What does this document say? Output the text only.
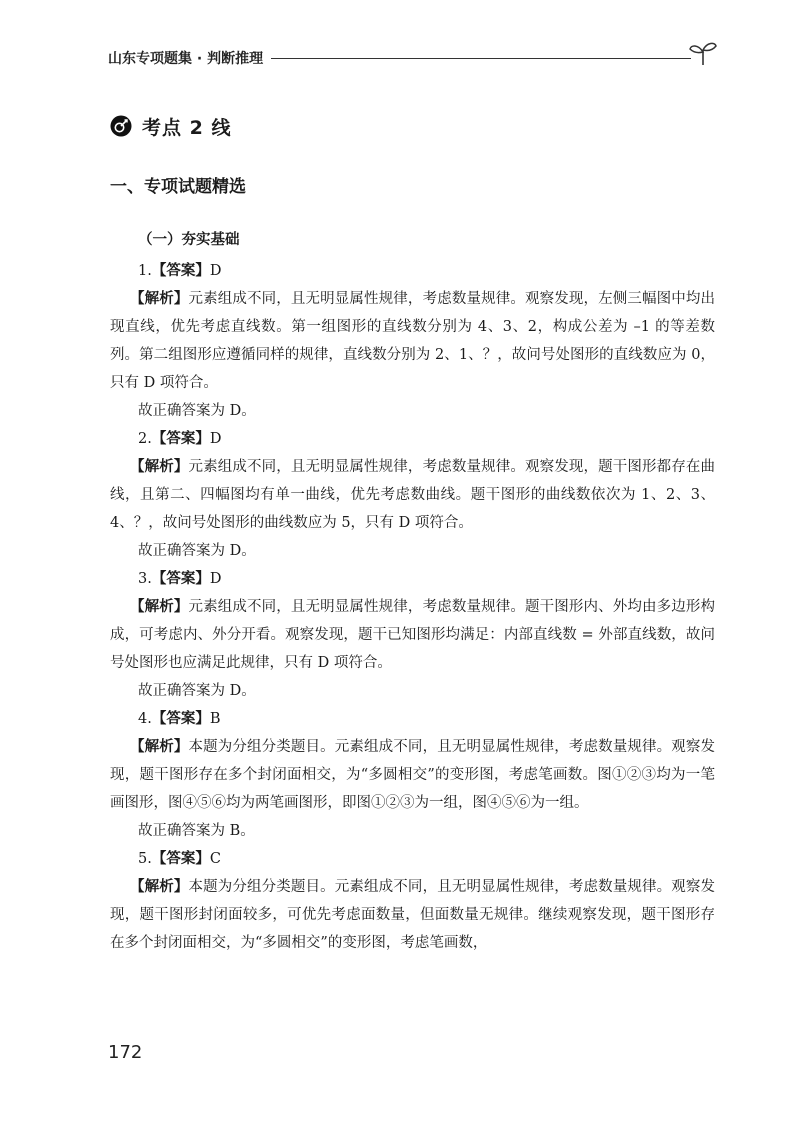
山东专项题集 · 判断推理
考点 2 线
一、专项试题精选
（一）夯实基础

1.【答案】D

【解析】元素组成不同，且无明显属性规律，考虑数量规律。观察发现，左侧三幅图中均出现直线，优先考虑直线数。第一组图形的直线数分别为 4、3、2，构成公差为 –1 的等差数列。第二组图形应遵循同样的规律，直线数分别为 2、1、？，故问号处图形的直线数应为 0，只有 D 项符合。

故正确答案为 D。

2.【答案】D

【解析】元素组成不同，且无明显属性规律，考虑数量规律。观察发现，题干图形都存在曲线，且第二、四幅图均有单一曲线，优先考虑数曲线。题干图形的曲线数依次为 1、2、3、4、？，故问号处图形的曲线数应为 5，只有 D 项符合。

故正确答案为 D。

3.【答案】D

【解析】元素组成不同，且无明显属性规律，考虑数量规律。题干图形内、外均由多边形构成，可考虑内、外分开看。观察发现，题干已知图形均满足：内部直线数 = 外部直线数，故问号处图形也应满足此规律，只有 D 项符合。

故正确答案为 D。

4.【答案】B

【解析】本题为分组分类题目。元素组成不同，且无明显属性规律，考虑数量规律。观察发现，题干图形存在多个封闭面相交，为“多圆相交”的变形图，考虑笔画数。图①②③均为一笔画图形，图④⑤⑥均为两笔画图形，即图①②③为一组，图④⑤⑥为一组。

故正确答案为 B。

5.【答案】C

【解析】本题为分组分类题目。元素组成不同，且无明显属性规律，考虑数量规律。观察发现，题干图形封闭面较多，可优先考虑面数量，但面数量无规律。继续观察发现，题干图形存在多个封闭面相交，为“多圆相交”的变形图，考虑笔画数，

172
